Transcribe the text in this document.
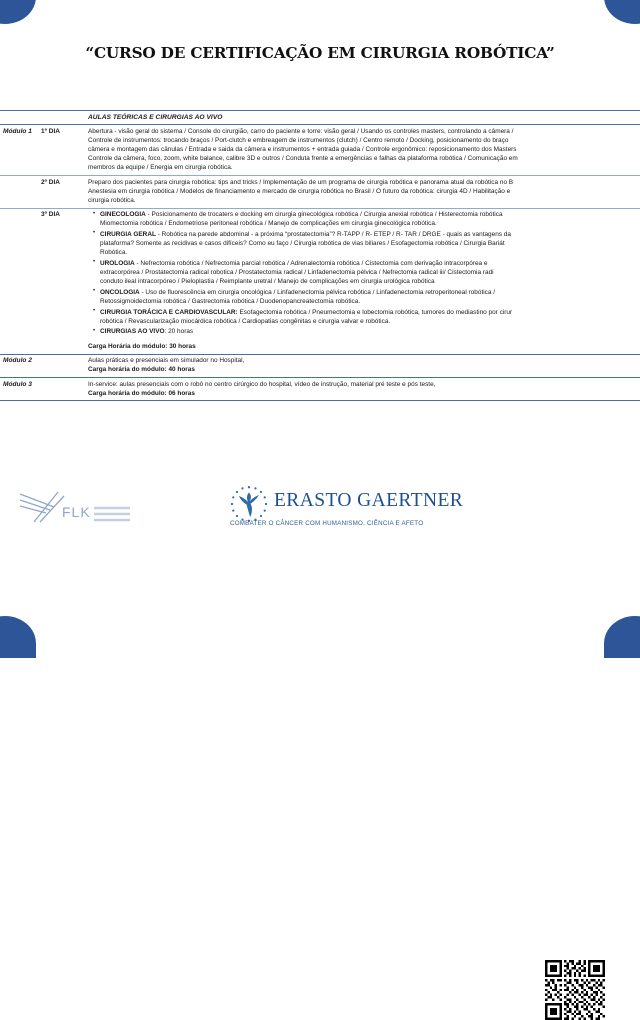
“CURSO DE CERTIFICAÇÃO EM CIRURGIA ROBÓTICA”
		AULAS TEÓRICAS E CIRURGIAS AO VIVO
Módulo 1	1º DIA	Abertura - visão geral do sistema / Console do cirurgião, carro do paciente e torre: visão geral / Usando os controles masters, controlando a câmera /

Controle de instrumentos: trocando braços / Port-clutch e embreagem de instrumentos (clutch) / Centro remoto / Docking, posicionamento do braço

câmera e montagem das cânulas / Entrada e saida da câmera e instrumentos + entrada guiada / Controle ergonômico: reposicionamento dos Masters

Controle da câmera, foco, zoom, white balance, calibre 3D e outros / Conduta frente a emergências e falhas da plataforma robótica / Comunicação em

membros da equipe / Energia em cirurgia robótica.

	2º DIA	Preparo dos pacientes para cirurgia robótica: tips and tricks / Implementação de um programa de cirurgia robótica e panorama atual da robótica no B

Anestesia em cirurgia robótica / Modelos de financiamento e mercado de cirurgia robótica no Brasil / O futuro da robótica: cirurgia 4D / Habilitação e

cirurgia robótica.

	3º DIA	
•GINECOLOGIA - Posicionamento de trocaters e docking em cirurgia ginecológica robótica / Cirurgia anexial robótica / Histerectomia robótica
Miomectomia robótica / Endometriose peritoneal robótica / Manejo de complicações em cirurgia ginecológica robótica.
• CIRURGIA GERAL - Robótica na parede abdominal - a próxima “prostatectomia”? R-TAPP / R- ETEP / R- TAR / DRGE - quais as vantagens da
plataforma? Somente as recidivas e casos difíceis? Como eu faço / Cirurgia robótica de vias biliares / Esofagectomia robótica / Cirurgia Bariát
Robótica.
• UROLOGIA - Nefrectomia robótica / Nefrectomia parcial robótica / Adrenalectomia robótica / Cistectomia com derivação intracorpórea e
extracorpórea / Prostatectomia radical robotica / Prostatectomia radical / Linfadenectomia pélvica / Nefrectomia radical iii/ Cistectomia radi
conduto ileal intracorpóreo / Pieloplastia / Reimplante uretral / Manejo de complicações em cirurgia urológica robótica
• ONCOLOGIA - Uso de fluorescência em cirurgia oncológica / Linfadenectomia pélvica robótica / Linfadenectomia retroperitoneal robótica /
Retossigmoidectomia robótica / Gastrectomia robótica / Duodenopancreatectomia robótica.
• CIRURGIA TORÁCICA E CARDIOVASCULAR: Esofagectomia robótica / Pneumectomia e lobectomia robótica, tumores do mediastino por cirur
robótica / Revascularização miocárdica robótica / Cardiopatias congênitas e cirurgia valvar e robótica.
• CIRURGIAS AO VIVO: 20 horas

		Carga Horária do módulo: 30 horas
Módulo 2		Aulas práticas e presenciais em simulador no Hospital,

Carga horária do módulo: 40 horas

Módulo 3		In-service: aulas presenciais com o robô no centro cirúrgico do hospital, vídeo de instrução, material pré teste e pós teste,

Carga horária do módulo: 06 horas

FLK
ERASTO GAERTNER
COMBATER O CÂNCER COM HUMANISMO, CIÊNCIA E AFETO
